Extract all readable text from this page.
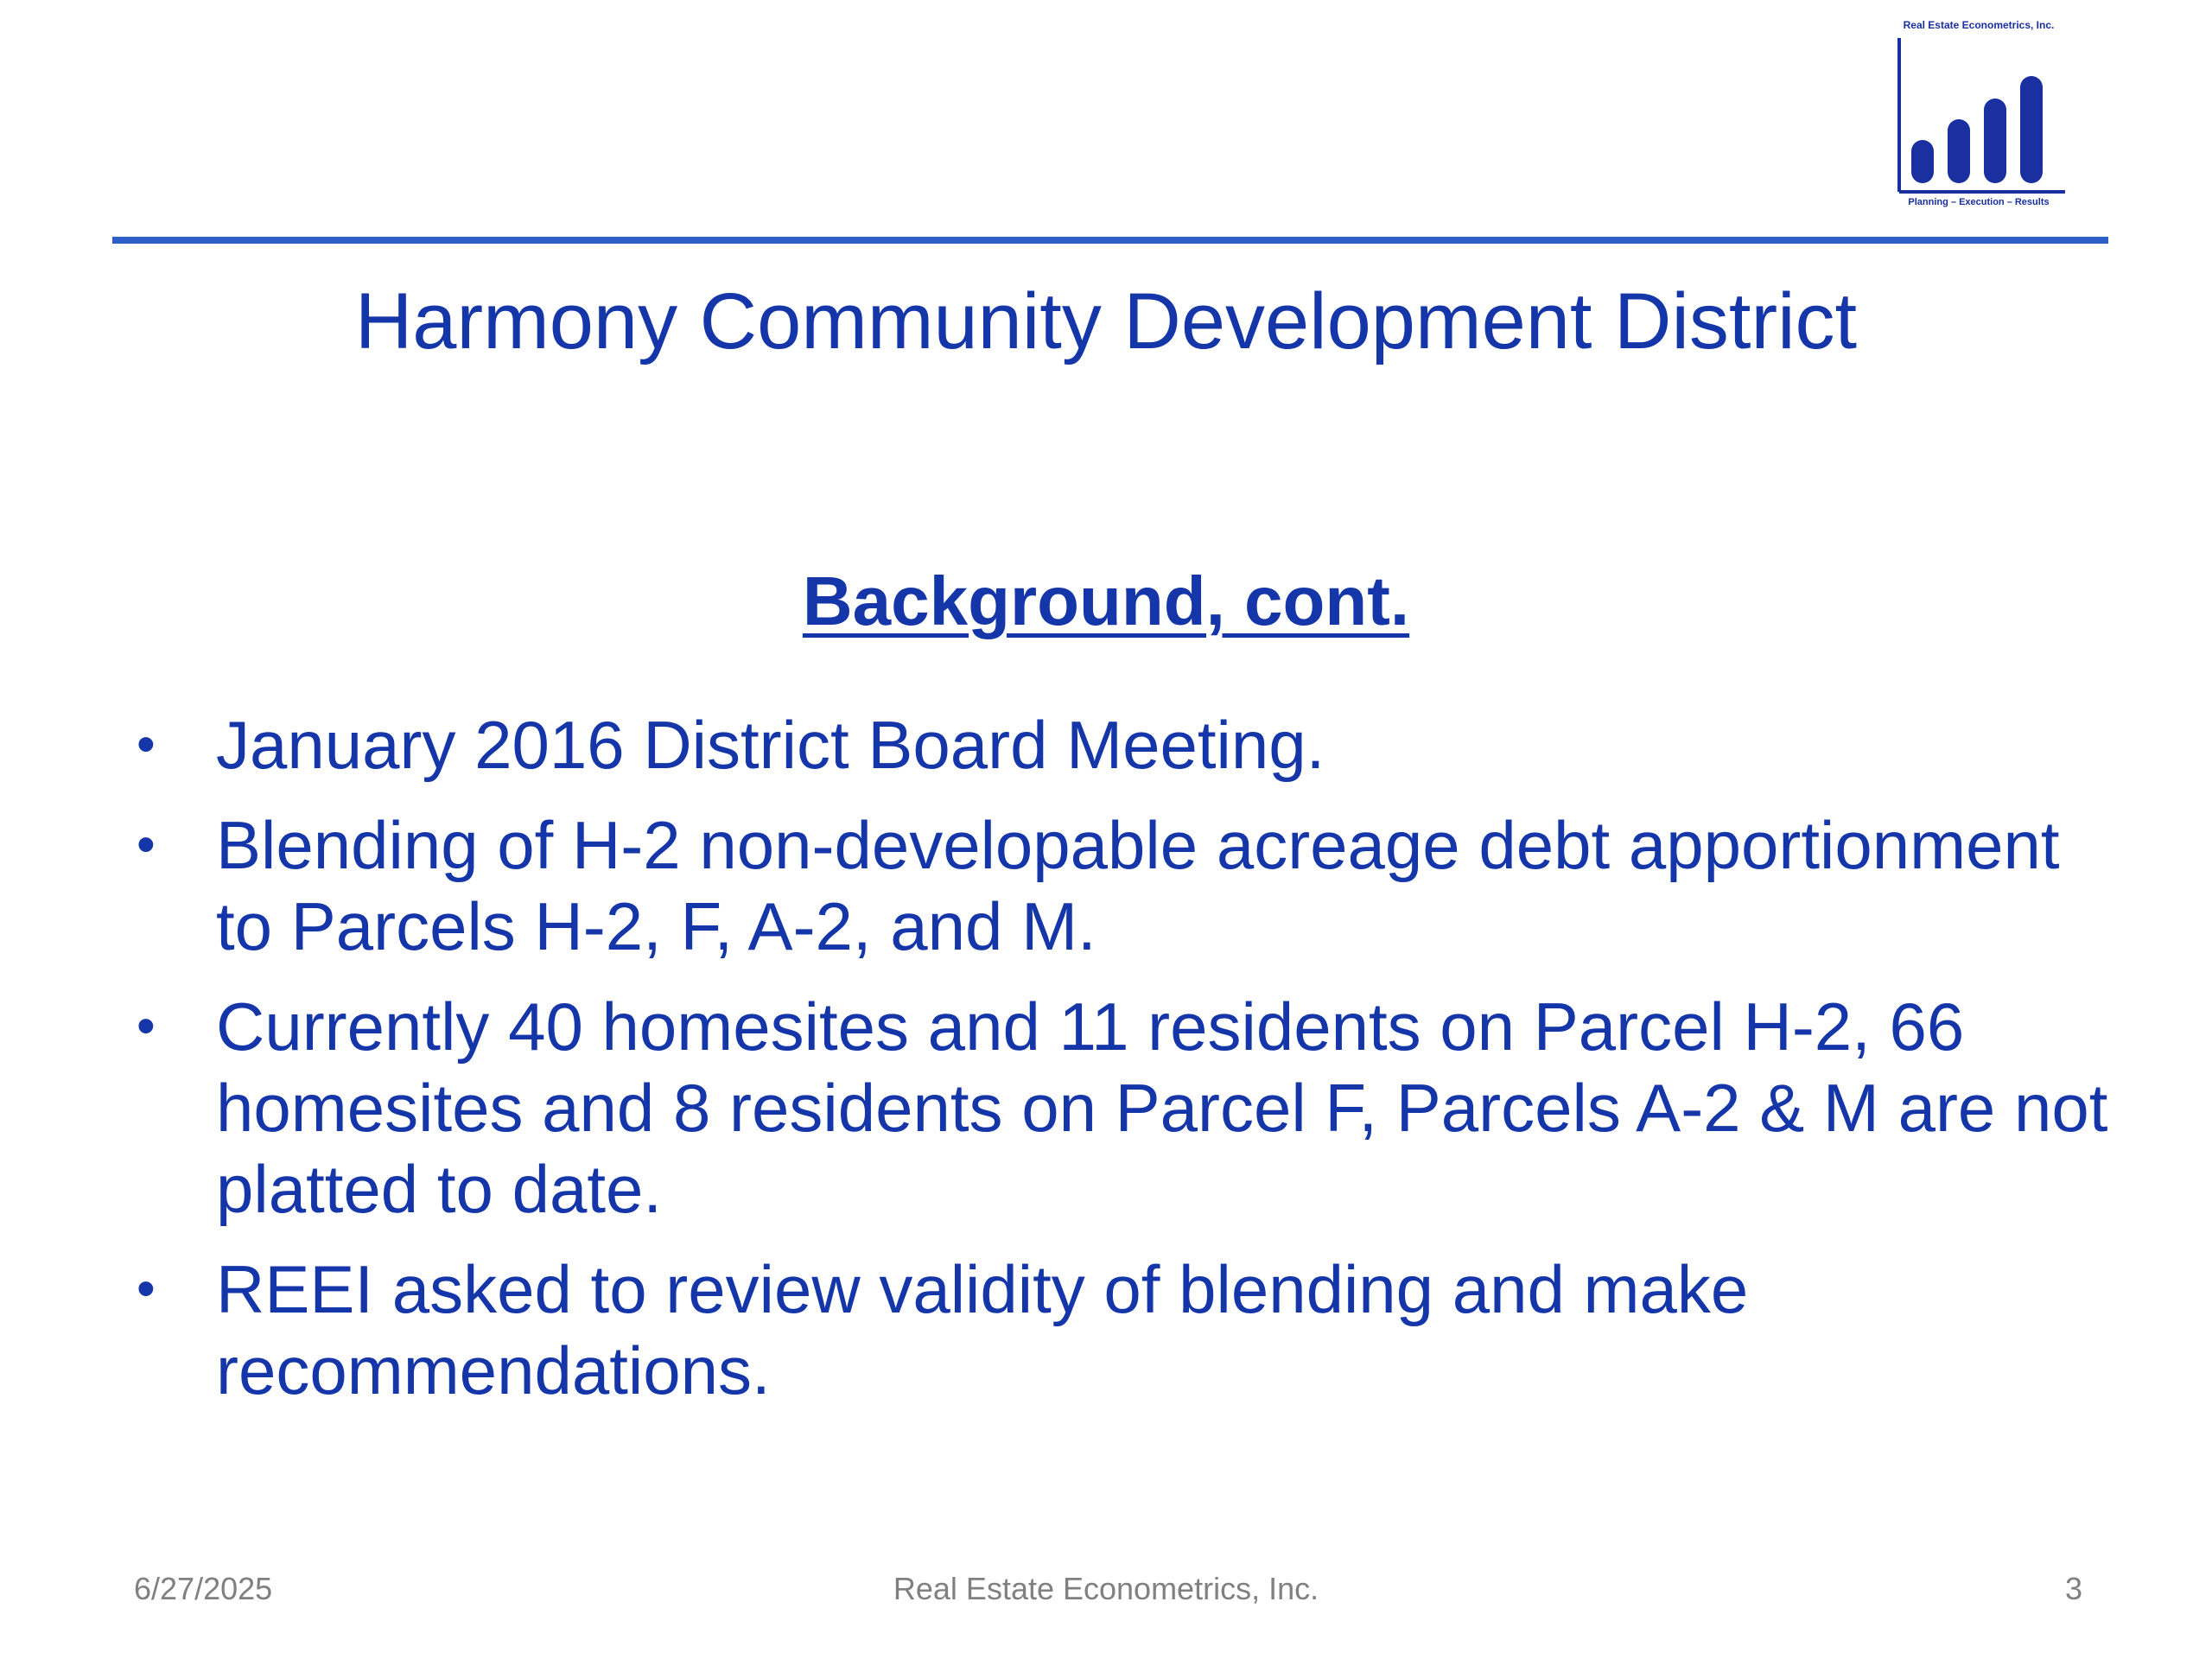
Real Estate Econometrics, Inc.
Planning – Execution – Results
Harmony Community Development District
Background, cont.
• January 2016 District Board Meeting.
• Blending of H-2 non-developable acreage debt apportionment to Parcels H-2, F, A-2, and M.
• Currently 40 homesites and 11 residents on Parcel H-2, 66 homesites and 8 residents on Parcel F, Parcels A-2 & M are not platted to date.
• REEI asked to review validity of blending and make recommendations.
6/27/2025	Real Estate Econometrics, Inc.	3
